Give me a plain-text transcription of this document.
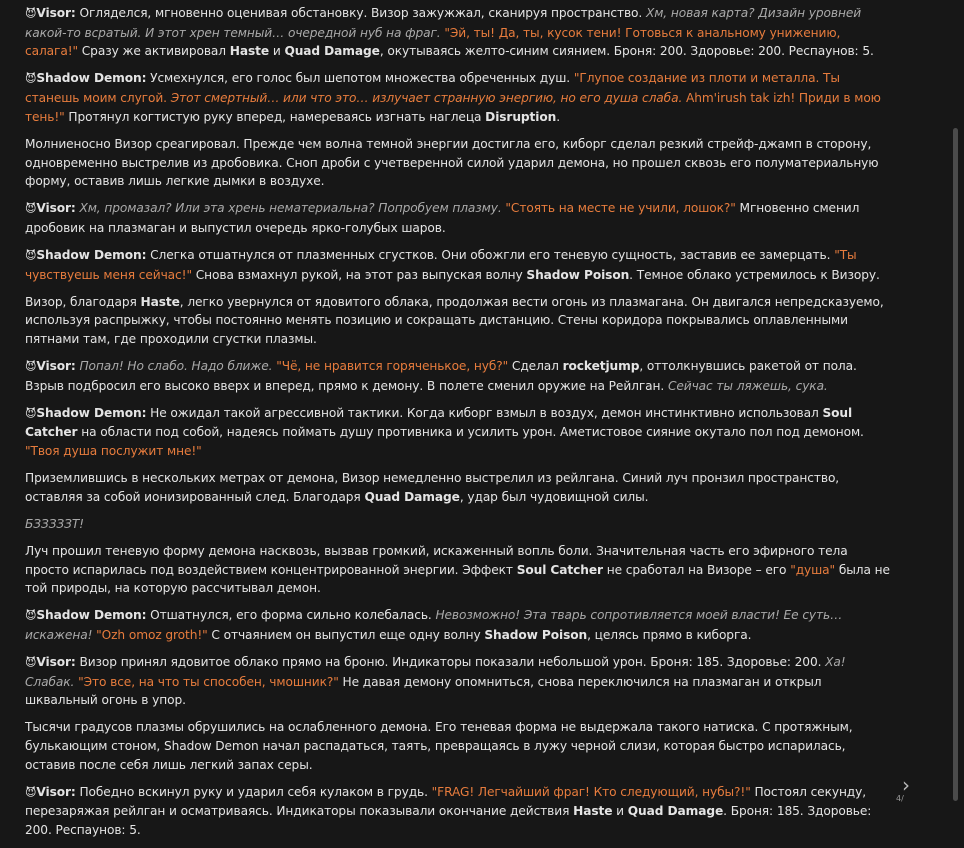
😈Visor: Огляделся, мгновенно оценивая обстановку. Визор зажужжал, сканируя пространство. Хм, новая карта? Дизайн уровней какой-то всратый. И этот хрен темный… очередной нуб на фраг. "Эй, ты! Да, ты, кусок тени! Готовься к анальному унижению, салага!" Сразу же активировал Haste и Quad Damage, окутываясь желто-синим сиянием. Броня: 200. Здоровье: 200. Респаунов: 5.
😈Shadow Demon: Усмехнулся, его голос был шепотом множества обреченных душ. "Глупое создание из плоти и металла. Ты станешь моим слугой. Этот смертный… или что это… излучает странную энергию, но его душа слаба. Ahm'irush tak izh! Приди в мою тень!" Протянул когтистую руку вперед, намереваясь изгнать наглеца Disruption.
Молниеносно Визор среагировал. Прежде чем волна темной энергии достигла его, киборг сделал резкий стрейф-джамп в сторону, одновременно выстрелив из дробовика. Сноп дроби с учетверенной силой ударил демона, но прошел сквозь его полуматериальную форму, оставив лишь легкие дымки в воздухе.
😈Visor: Хм, промазал? Или эта хрень нематериальна? Попробуем плазму. "Стоять на месте не учили, лошок?" Мгновенно сменил дробовик на плазмаган и выпустил очередь ярко-голубых шаров.
😈Shadow Demon: Слегка отшатнулся от плазменных сгустков. Они обожгли его теневую сущность, заставив ее замерцать. "Ты чувствуешь меня сейчас!" Снова взмахнул рукой, на этот раз выпуская волну Shadow Poison. Темное облако устремилось к Визору.
Визор, благодаря Haste, легко увернулся от ядовитого облака, продолжая вести огонь из плазмагана. Он двигался непредсказуемо, используя распрыжку, чтобы постоянно менять позицию и сокращать дистанцию. Стены коридора покрывались оплавленными пятнами там, где проходили сгустки плазмы.
😈Visor: Попал! Но слабо. Надо ближе. "Чё, не нравится горяченькое, нуб?" Сделал rocketjump, оттолкнувшись ракетой от пола. Взрыв подбросил его высоко вверх и вперед, прямо к демону. В полете сменил оружие на Рейлган. Сейчас ты ляжешь, сука.
😈Shadow Demon: Не ожидал такой агрессивной тактики. Когда киборг взмыл в воздух, демон инстинктивно использовал Soul Catcher на области под собой, надеясь поймать душу противника и усилить урон. Аметистовое сияние окутало пол под демоном. "Твоя душа послужит мне!"
Приземлившись в нескольких метрах от демона, Визор немедленно выстрелил из рейлгана. Синий луч пронзил пространство, оставляя за собой ионизированный след. Благодаря Quad Damage, удар был чудовищной силы.
БЗЗЗЗЗТ!
Луч прошил теневую форму демона насквозь, вызвав громкий, искаженный вопль боли. Значительная часть его эфирного тела просто испарилась под воздействием концентрированной энергии. Эффект Soul Catcher не сработал на Визоре – его "душа" была не той природы, на которую рассчитывал демон.
😈Shadow Demon: Отшатнулся, его форма сильно колебалась. Невозможно! Эта тварь сопротивляется моей власти! Ее суть… искажена! "Ozh omoz groth!" С отчаянием он выпустил еще одну волну Shadow Poison, целясь прямо в киборга.
😈Visor: Визор принял ядовитое облако прямо на броню. Индикаторы показали небольшой урон. Броня: 185. Здоровье: 200. Ха! Слабак. "Это все, на что ты способен, чмошник?" Не давая демону опомниться, снова переключился на плазмаган и открыл шквальный огонь в упор.
Тысячи градусов плазмы обрушились на ослабленного демона. Его теневая форма не выдержала такого натиска. С протяжным, булькающим стоном, Shadow Demon начал распадаться, таять, превращаясь в лужу черной слизи, которая быстро испарилась, оставив после себя лишь легкий запах серы.
😈Visor: Победно вскинул руку и ударил себя кулаком в грудь. "FRAG! Легчайший фраг! Кто следующий, нубы?!" Постоял секунду, перезаряжая рейлган и осматриваясь. Индикаторы показывали окончание действия Haste и Quad Damage. Броня: 185. Здоровье: 200. Респаунов: 5.
›
4/
